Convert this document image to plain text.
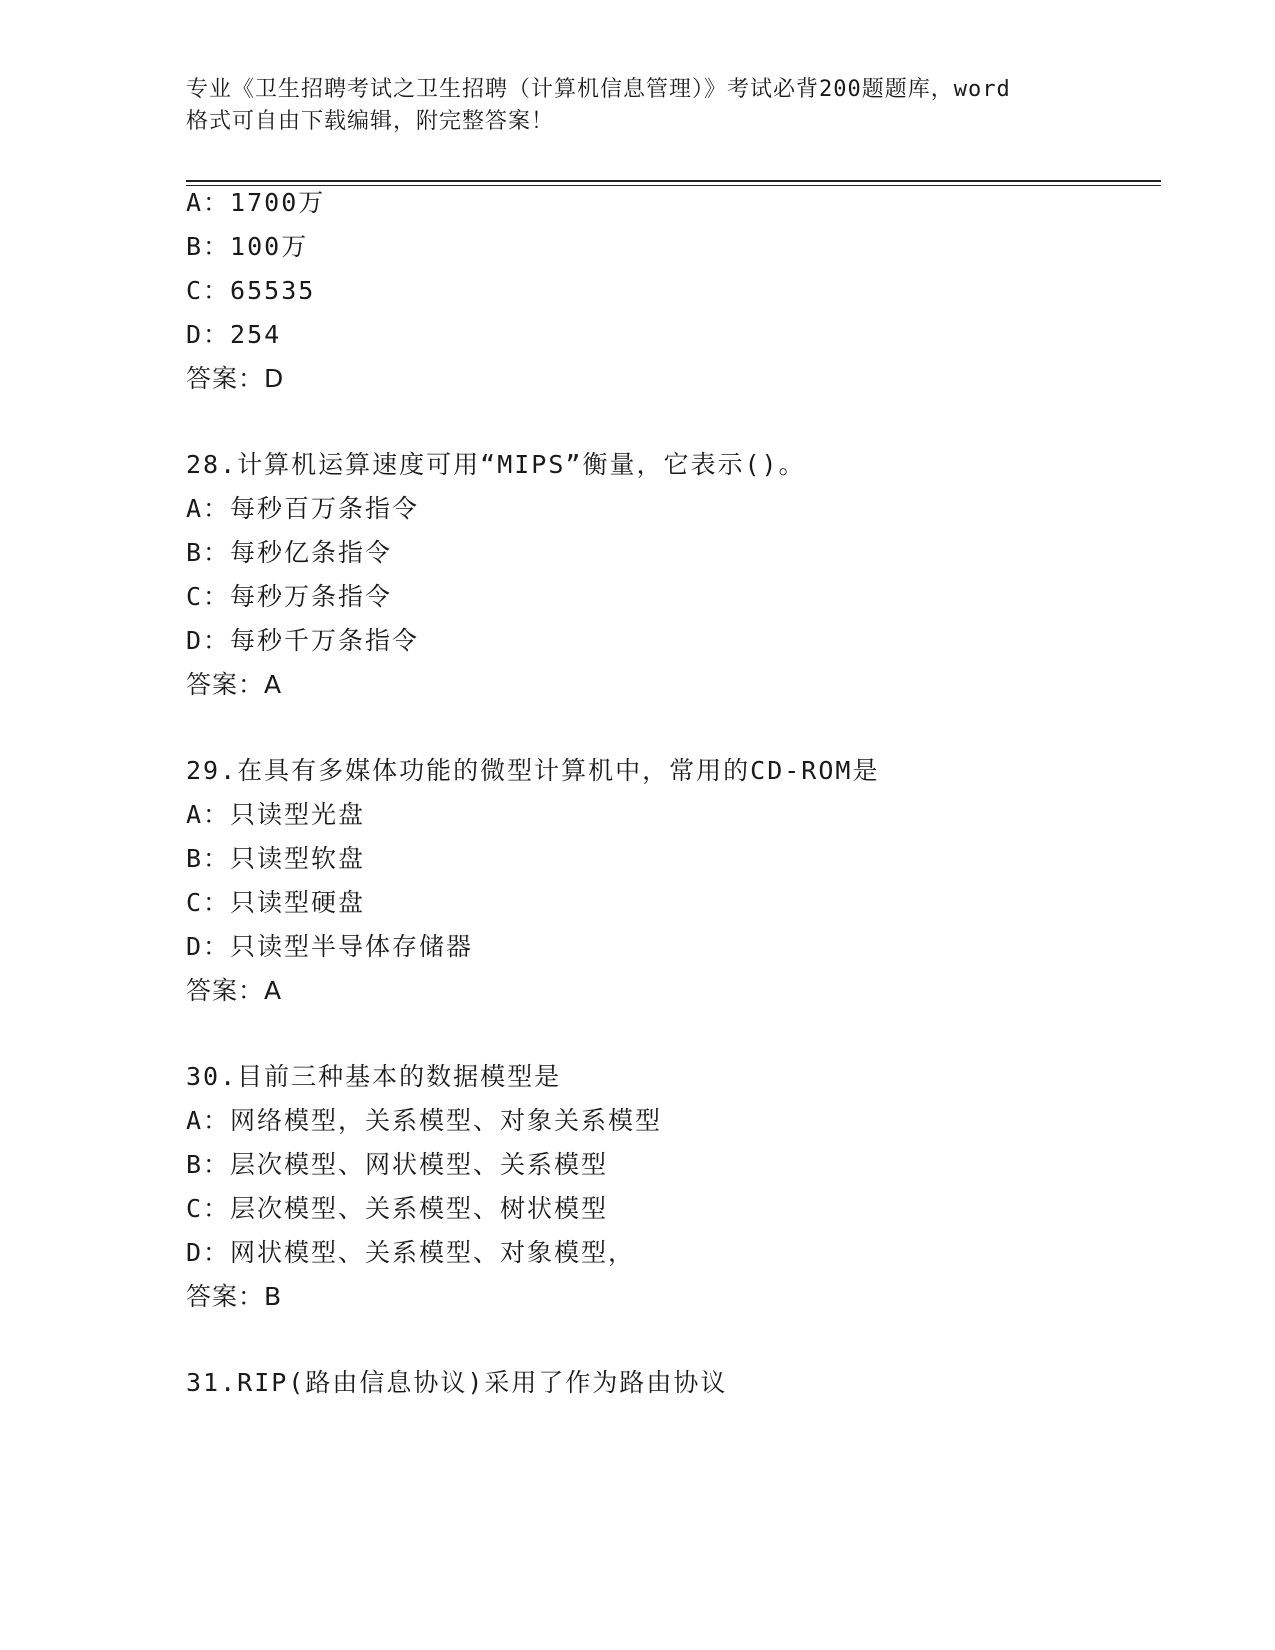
专业《卫生招聘考试之卫生招聘（计算机信息管理）》考试必背200题题库，word
格式可自由下载编辑，附完整答案！
A：1700万
B：100万
C：65535
D：254
答案：D
28.计算机运算速度可用“MIPS”衡量，它表示()。
A：每秒百万条指令
B：每秒亿条指令
C：每秒万条指令
D：每秒千万条指令
答案：A
29.在具有多媒体功能的微型计算机中，常用的CD-ROM是
A：只读型光盘
B：只读型软盘
C：只读型硬盘
D：只读型半导体存储器
答案：A
30.目前三种基本的数据模型是
A：网络模型，关系模型、对象关系模型
B：层次模型、网状模型、关系模型
C：层次模型、关系模型、树状模型
D：网状模型、关系模型、对象模型，
答案：B
31.RIP(路由信息协议)采用了作为路由协议
